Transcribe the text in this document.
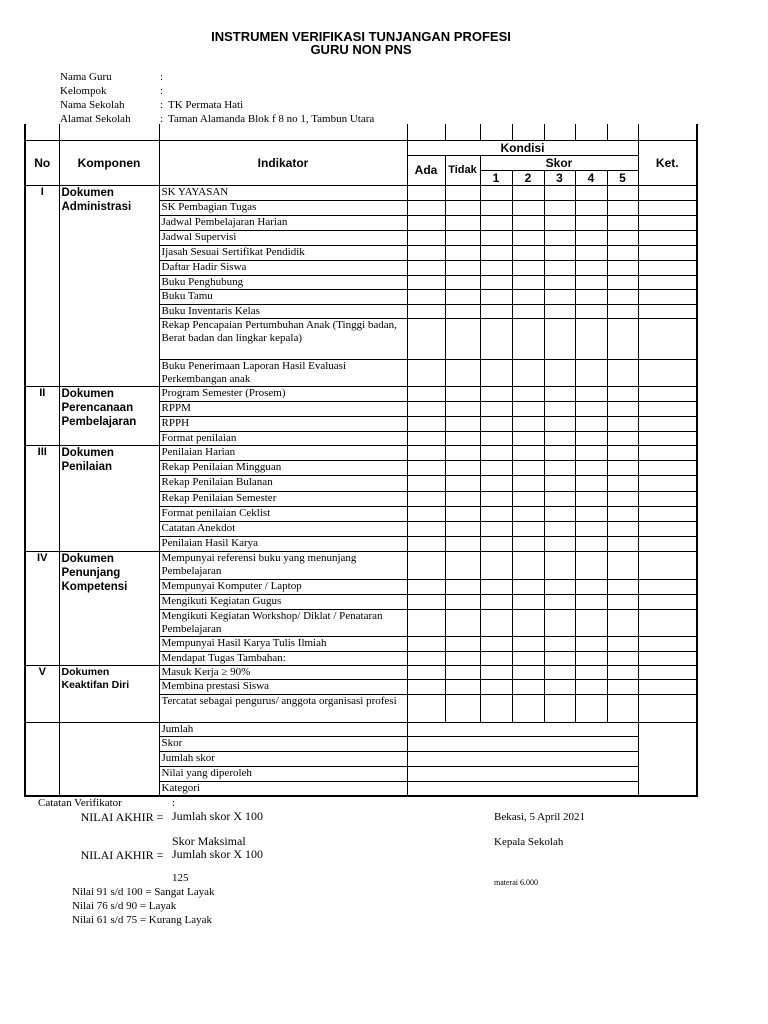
INSTRUMEN VERIFIKASI TUNJANGAN PROFESI
GURU NON PNS
Nama Guru	:
Kelompok	:
Nama Sekolah	: TK Permata Hati
Alamat Sekolah	: Taman Alamanda Blok f 8 no 1, Tambun Utara

No	Komponen	Indikator	Kondisi							Ket.
			Ada	Tidak	Skor					
					1	2	3	4	5	
I	Dokumen Administrasi	SK YAYASAN								
		SK Pembagian Tugas								
		Jadwal Pembelajaran Harian								
		Jadwal Supervisi								
		Ijasah Sesuai Sertifikat Pendidik								
		Daftar Hadir Siswa								
		Buku Penghubung								
		Buku Tamu								
		Buku Inventaris Kelas								
		Rekap Pencapaian Pertumbuhan Anak (Tinggi badan, Berat badan dan lingkar kepala)								
		Buku Penerimaan Laporan Hasil Evaluasi Perkembangan anak								
II	Dokumen Perencanaan Pembelajaran	Program Semester (Prosem)								
		RPPM								
		RPPH								
		Format penilaian								
III	Dokumen Penilaian	Penilaian Harian								
		Rekap Penilaian Mingguan								
		Rekap Penilaian Bulanan								
		Rekap Penilaian Semester								
		Format penilaian Ceklist								
		Catatan Anekdot								
		Penilaian Hasil Karya								
IV	Dokumen Penunjang Kompetensi	Mempunyai referensi buku yang menunjang Pembelajaran								
		Mempunyai Komputer / Laptop								
		Mengikuti Kegiatan Gugus								
		Mengikuti Kegiatan Workshop/ Diklat / Penataran Pembelajaran								
		Mempunyai Hasil Karya Tulis Ilmiah								
		Mendapat Tugas Tambahan:								
V	Dokumen Keaktifan Diri	Masuk Kerja ≥ 90%								
		Membina prestasi Siswa								
		Tercatat sebagai pengurus/ anggota organisasi profesi								
		Jumlah								
		Skor								
		Jumlah skor								
		Nilai yang diperoleh								
		Kategori								
Catatan Verifikator	:
NILAI AKHIR = Jumlah skor X 100
Skor Maksimal
NILAI AKHIR = Jumlah skor X 100
125
Bekasi, 5 April 2021
Kepala Sekolah
materai 6.000
Nilai 91 s/d 100 = Sangat Layak
Nilai 76 s/d 90 = Layak
Nilai 61 s/d 75 = Kurang Layak
